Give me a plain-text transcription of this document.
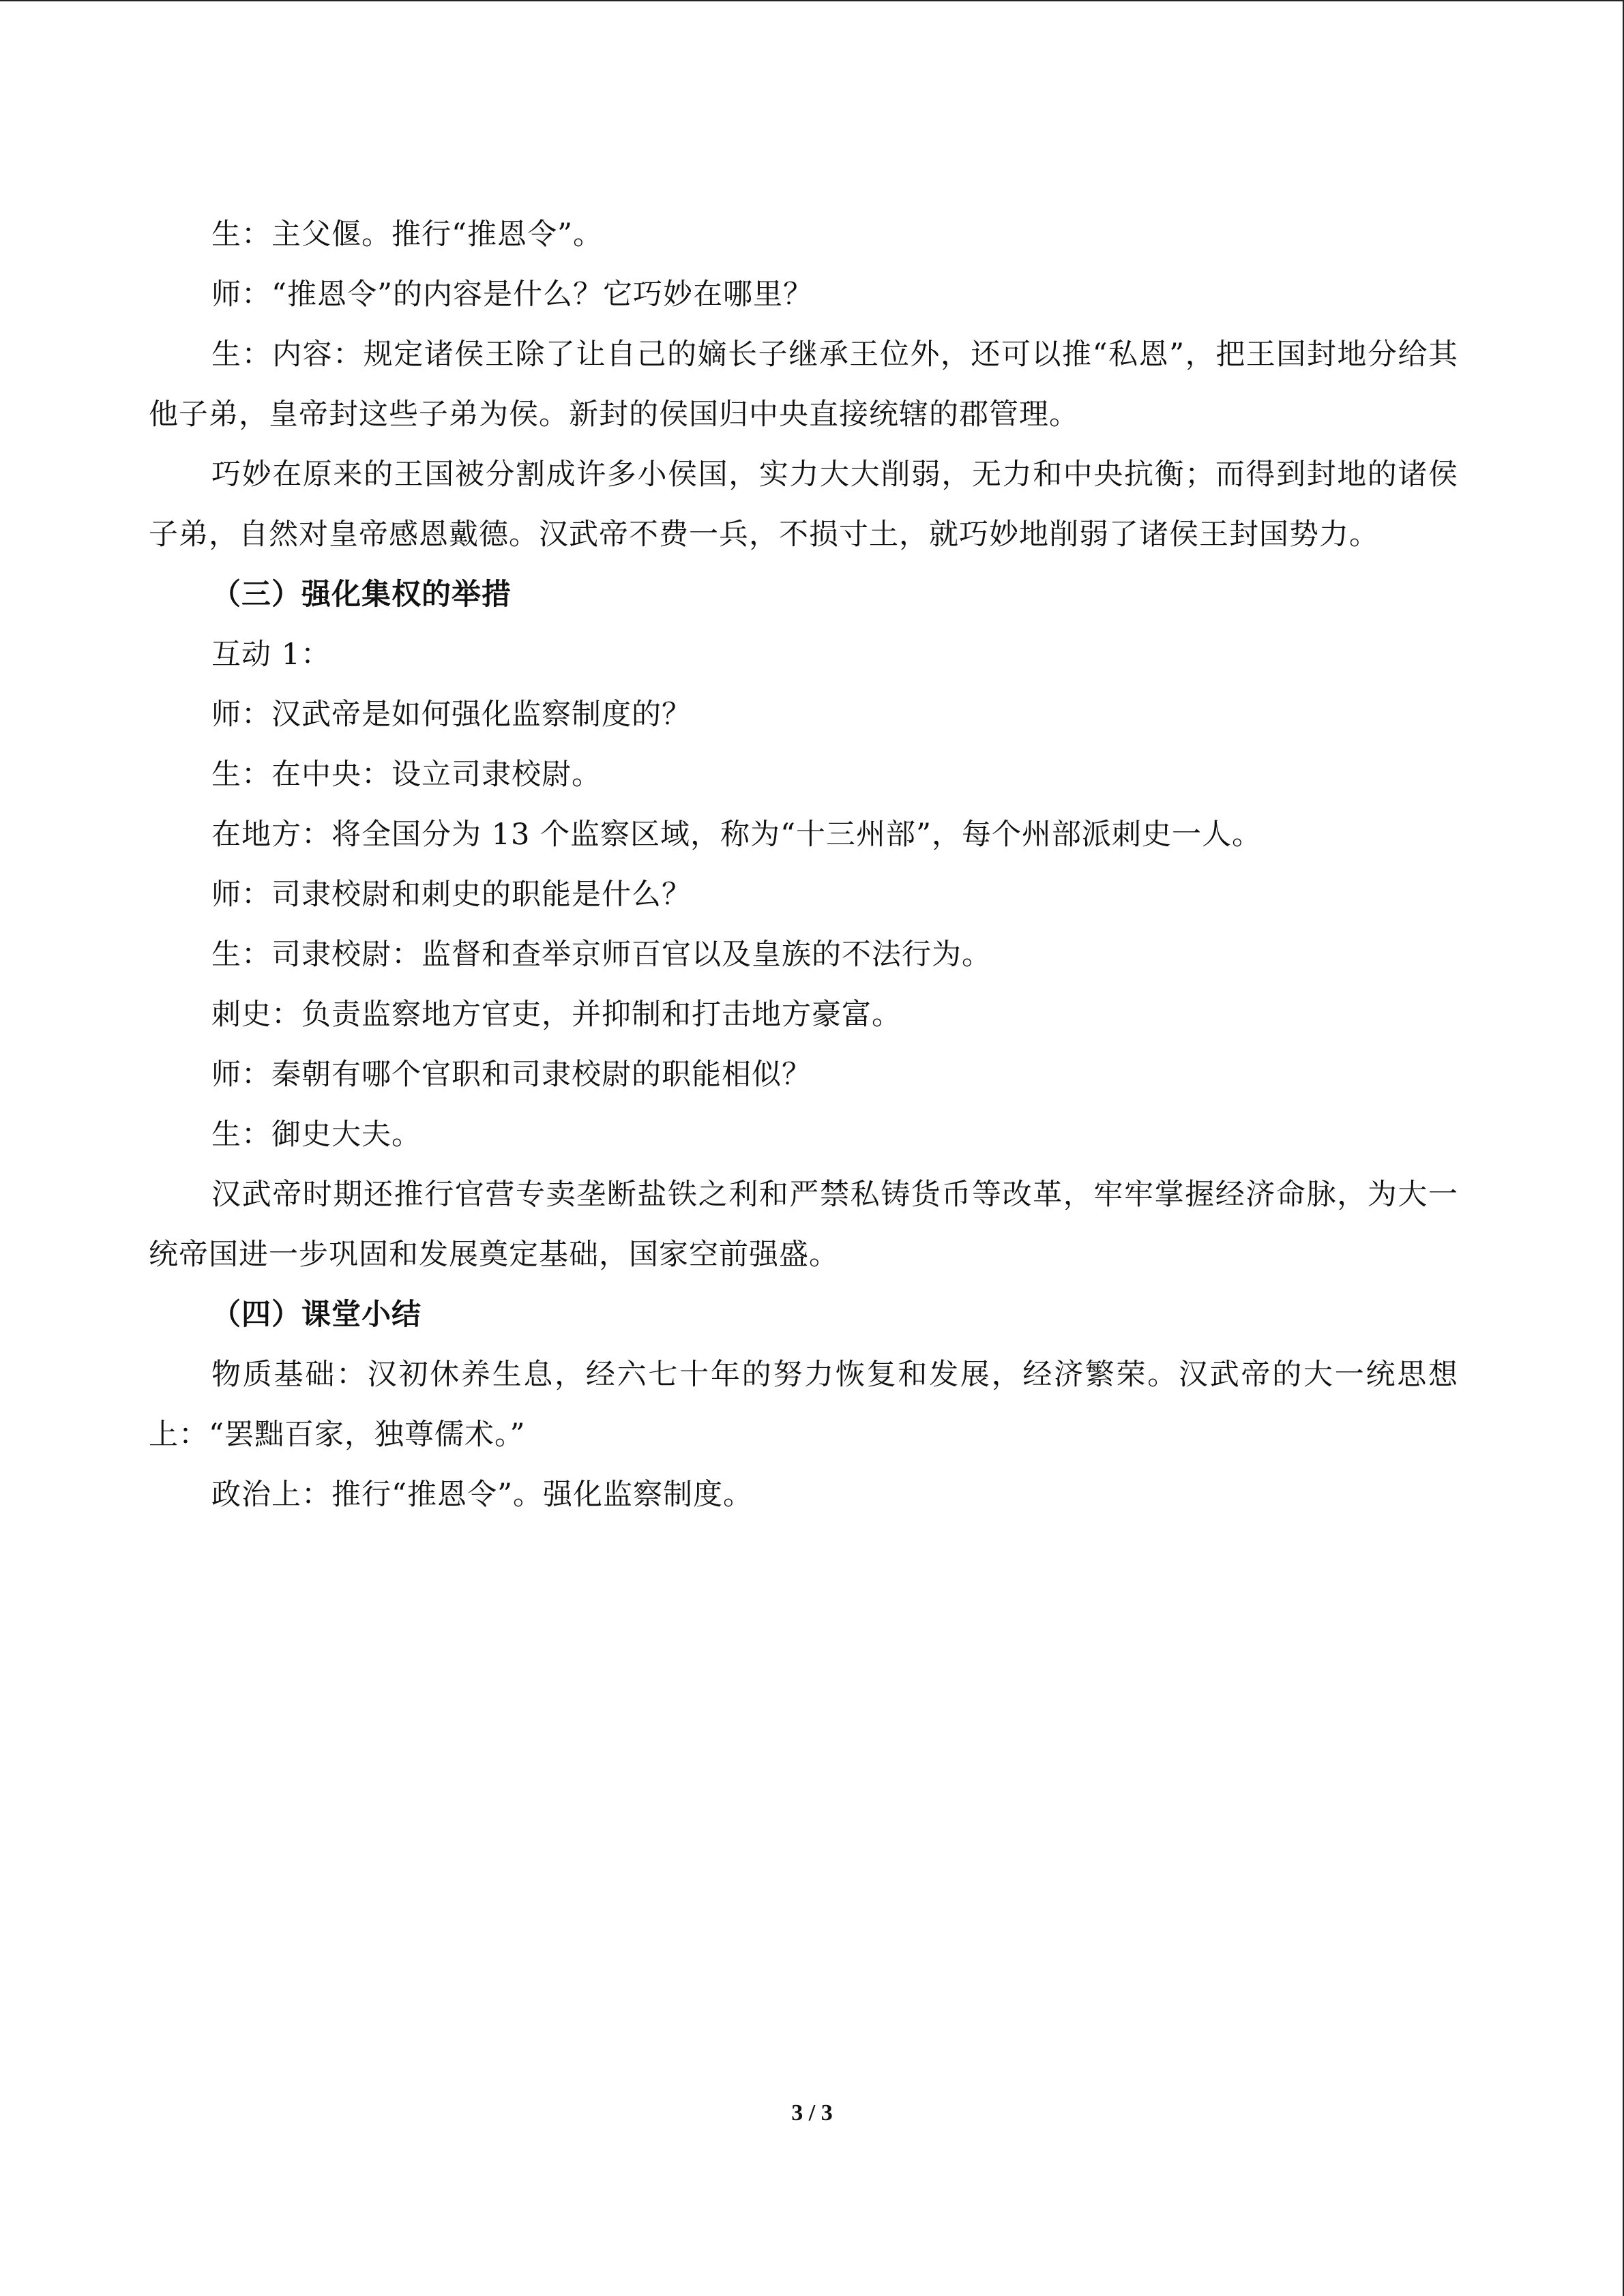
生：主父偃。推行“推恩令”。

师：“推恩令”的内容是什么？它巧妙在哪里？

生：内容：规定诸侯王除了让自己的嫡长子继承王位外，还可以推“私恩”，把王国封地分给其他子弟，皇帝封这些子弟为侯。新封的侯国归中央直接统辖的郡管理。

巧妙在原来的王国被分割成许多小侯国，实力大大削弱，无力和中央抗衡；而得到封地的诸侯子弟，自然对皇帝感恩戴德。汉武帝不费一兵，不损寸土，就巧妙地削弱了诸侯王封国势力。

（三）强化集权的举措

互动 1：

师：汉武帝是如何强化监察制度的？

生：在中央：设立司隶校尉。

在地方：将全国分为 13 个监察区域，称为“十三州部”，每个州部派刺史一人。

师：司隶校尉和刺史的职能是什么？

生：司隶校尉：监督和查举京师百官以及皇族的不法行为。

刺史：负责监察地方官吏，并抑制和打击地方豪富。

师：秦朝有哪个官职和司隶校尉的职能相似？

生：御史大夫。

汉武帝时期还推行官营专卖垄断盐铁之利和严禁私铸货币等改革，牢牢掌握经济命脉，为大一统帝国进一步巩固和发展奠定基础，国家空前强盛。

（四）课堂小结

物质基础：汉初休养生息，经六七十年的努力恢复和发展，经济繁荣。汉武帝的大一统思想上：“罢黜百家，独尊儒术。”

政治上：推行“推恩令”。强化监察制度。

3 / 3
